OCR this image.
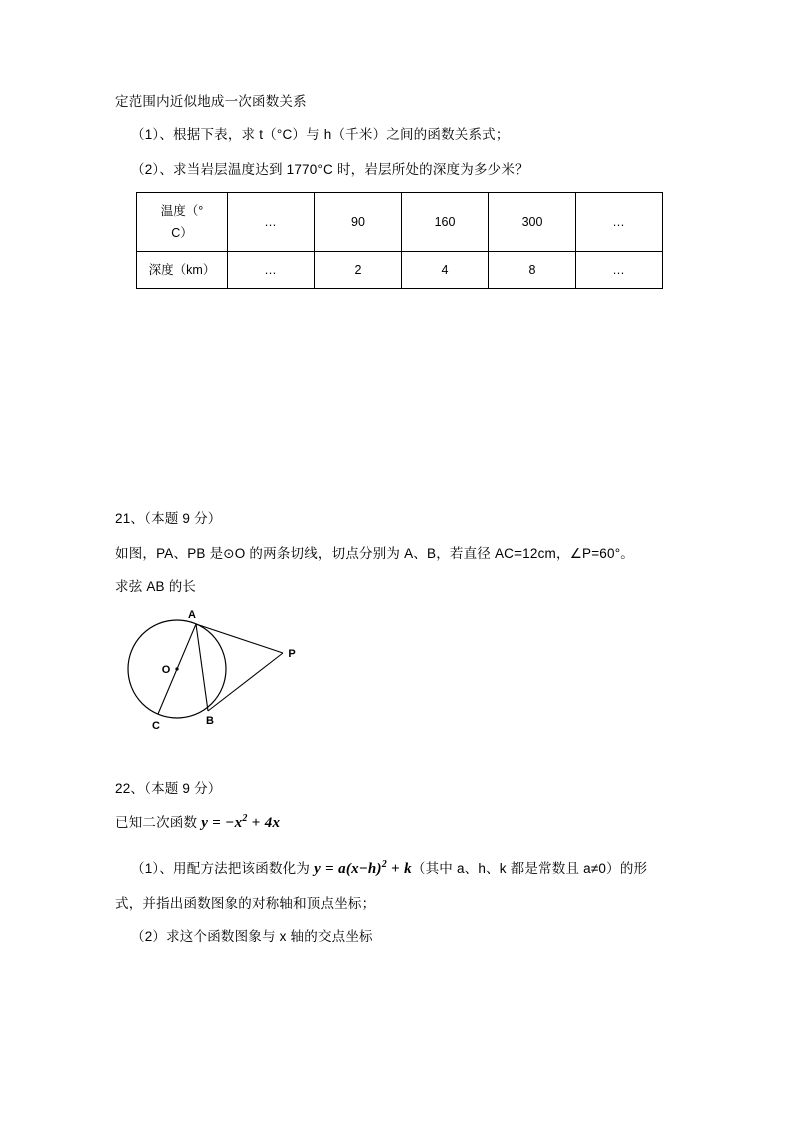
定范围内近似地成一次函数关系
（1）、根据下表，求 t（°C）与 h（千米）之间的函数关系式；
（2）、求当岩层温度达到 1770°C 时，岩层所处的深度为多少米？
温度（°
C）	…	90	160	300	…

深度（km）	…	2	4	8	…
21、（本题 9 分）
如图，PA、PB 是⊙O 的两条切线，切点分别为 A、B，若直径 AC=12cm，∠P=60°。
求弦 AB 的长
A
O
C	B
P
22、（本题 9 分）
已知二次函数 $y = -x^2 + 4x$
（1）、用配方法把该函数化为 $y = a(x-h)^2 + k$（其中 a、h、k 都是常数且 a≠0）的形
式，并指出函数图象的对称轴和顶点坐标；
（2）求这个函数图象与 x 轴的交点坐标
